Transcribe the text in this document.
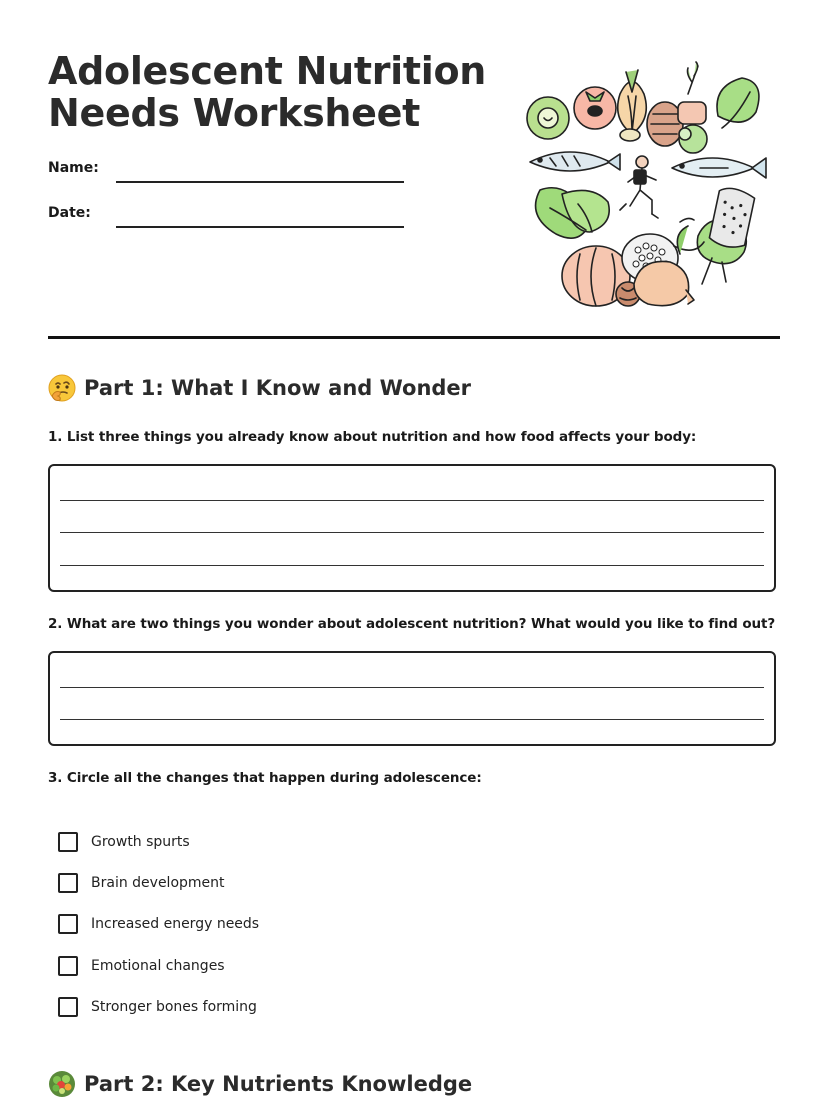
Adolescent Nutrition
Needs Worksheet
Name:
Date:
Part 1: What I Know and Wonder

1. List three things you already know about nutrition and how food affects your body:

2. What are two things you wonder about adolescent nutrition? What would you like to find out?

3. Circle all the changes that happen during adolescence:

Growth spurts
Brain development
Increased energy needs
Emotional changes
Stronger bones forming
Part 2: Key Nutrients Knowledge
